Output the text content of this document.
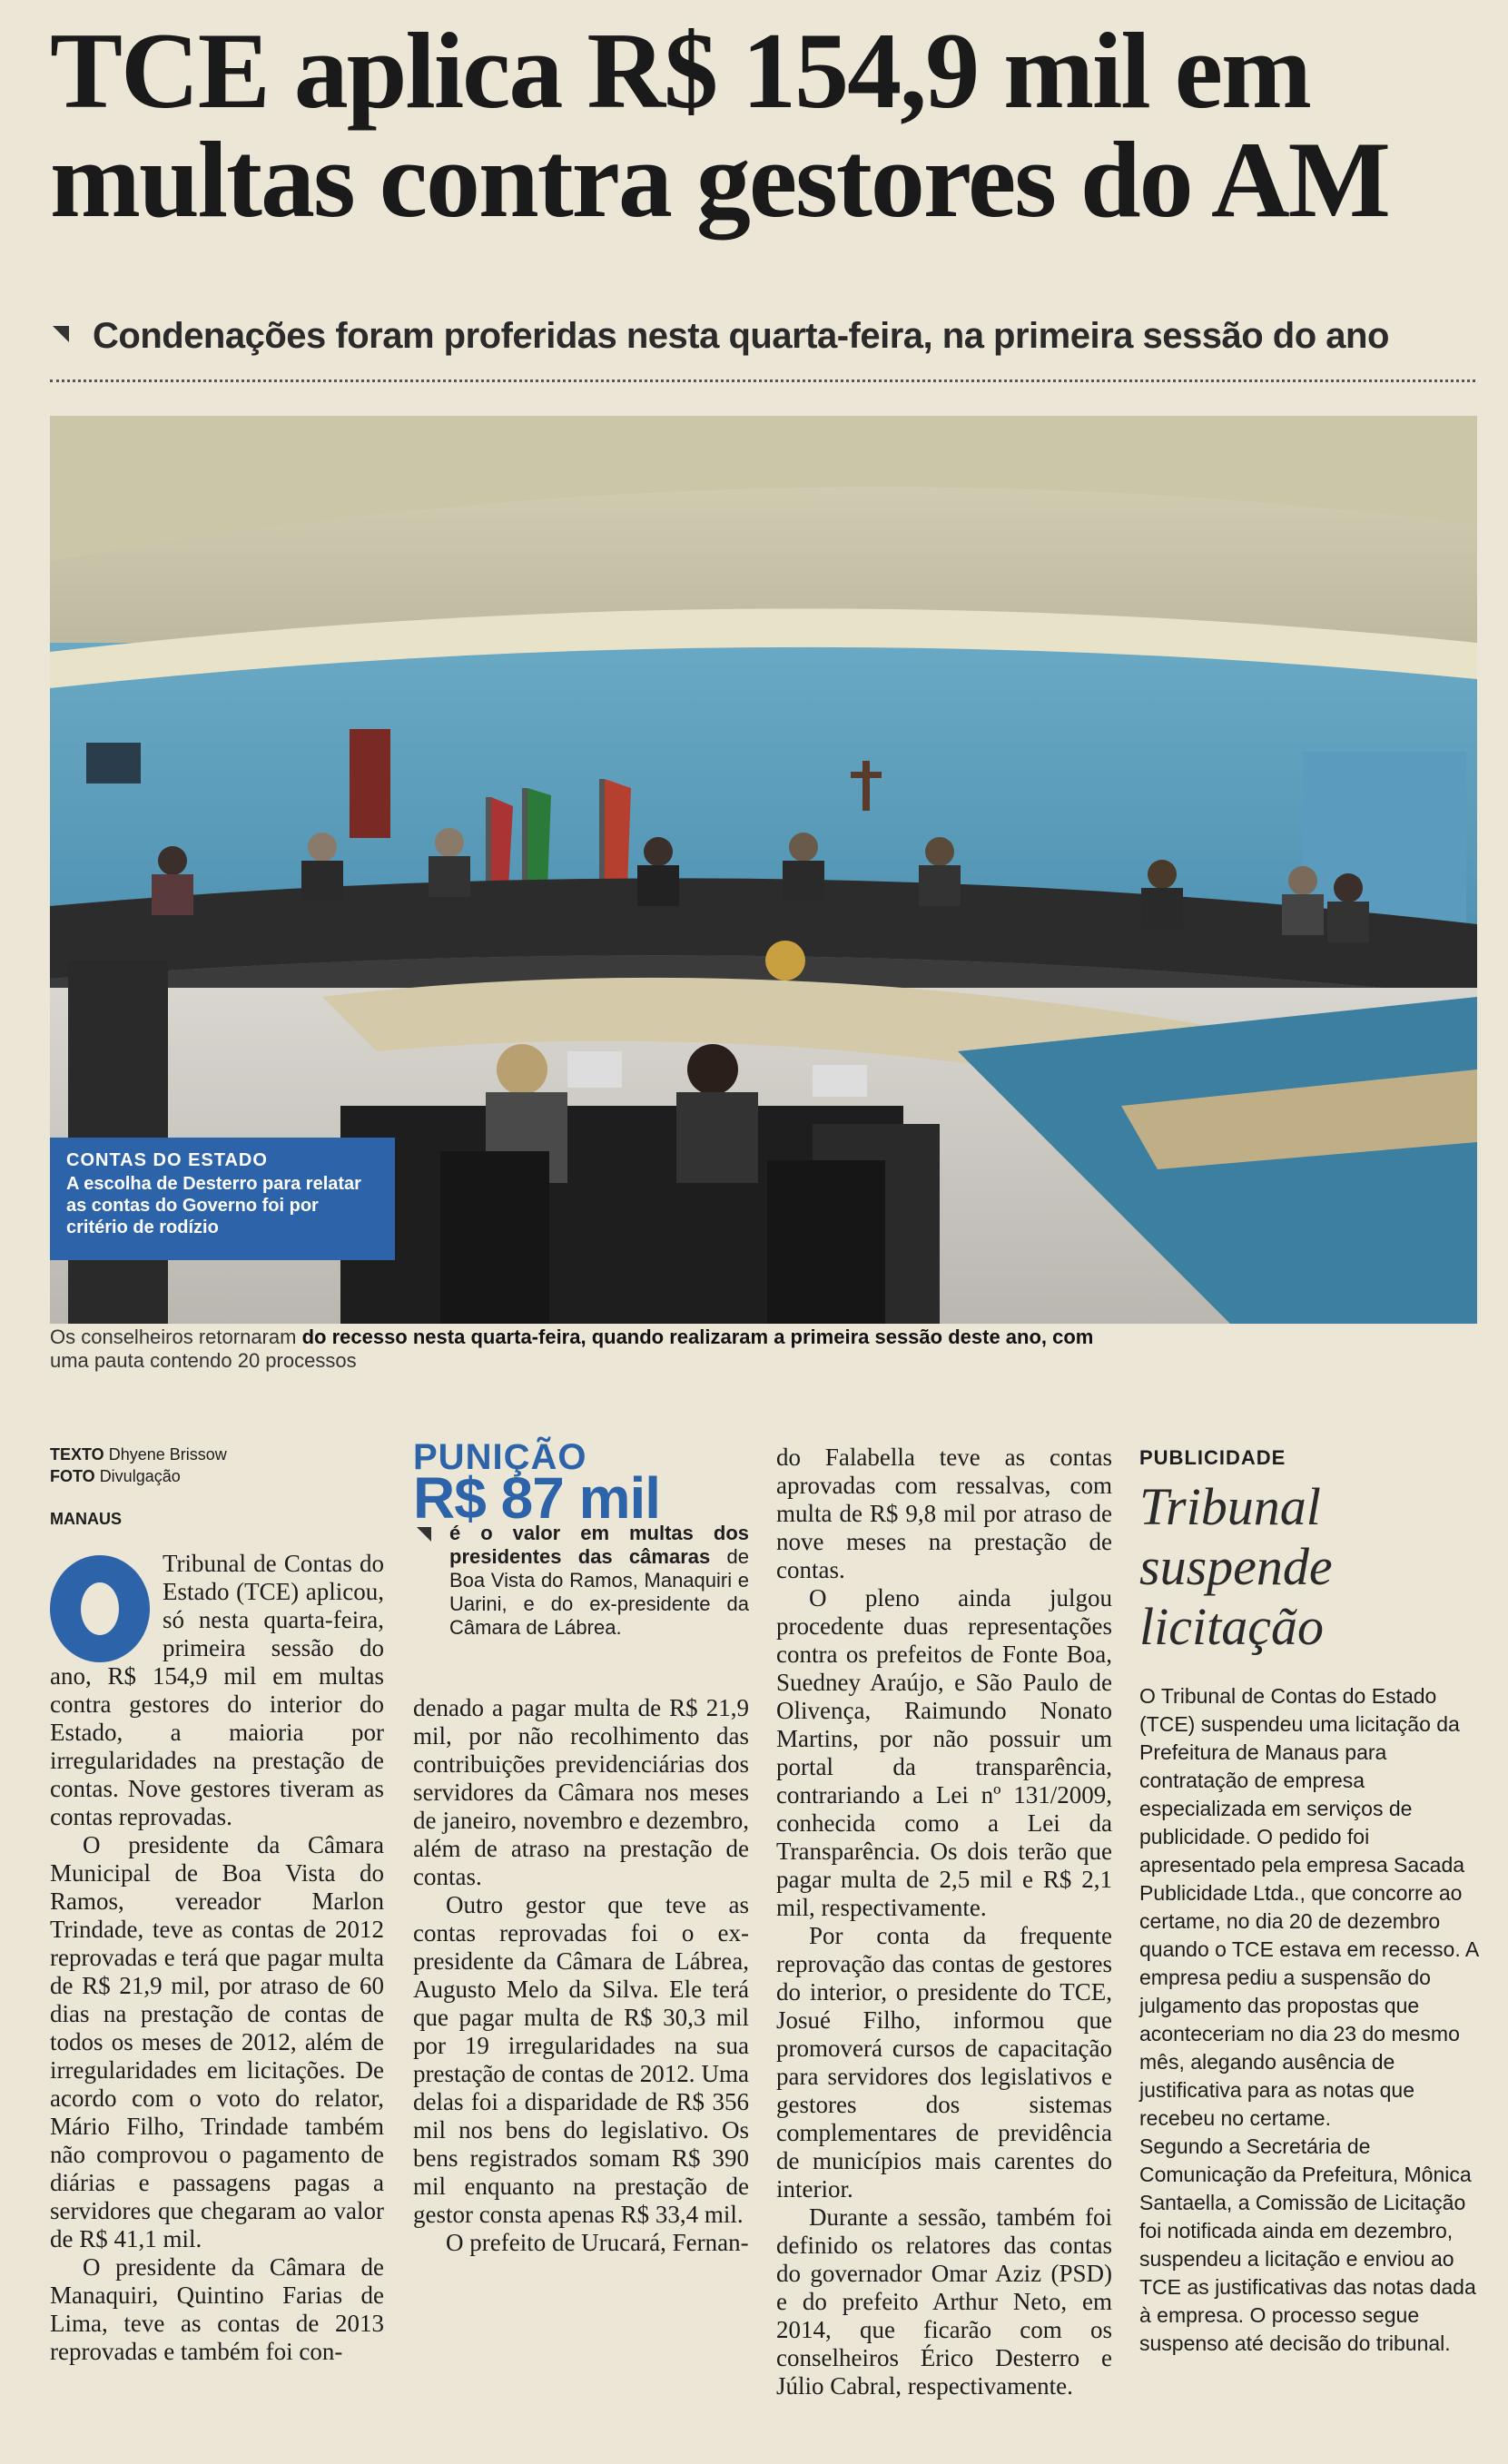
TCE aplica R$ 154,9 mil em multas contra gestores do AM
Condenações foram proferidas nesta quarta-feira, na primeira sessão do ano
CONTAS DO ESTADO
A escolha de Desterro para relatar as contas do Governo foi por critério de rodízio
Os conselheiros retornaram do recesso nesta quarta-feira, quando realizaram a primeira sessão deste ano, com
uma pauta contendo 20 processos
TEXTO Dhyene Brissow
FOTO Divulgação
MANAUS

Tribunal de Contas do Estado (TCE) aplicou, só nesta quarta-feira, primeira sessão do ano, R$ 154,9 mil em multas contra gestores do interior do Estado, a maioria por irregularidades na prestação de contas. Nove gestores tiveram as contas reprovadas.

O presidente da Câmara Municipal de Boa Vista do Ramos, vereador Marlon Trindade, teve as contas de 2012 reprovadas e terá que pagar multa de R$ 21,9 mil, por atraso de 60 dias na prestação de contas de todos os meses de 2012, além de irregularidades em licitações. De acordo com o voto do relator, Mário Filho, Trindade também não comprovou o pagamento de diárias e passagens pagas a servidores que chegaram ao valor de R$ 41,1 mil.

O presidente da Câmara de Manaquiri, Quintino Farias de Lima, teve as contas de 2013 reprovadas e também foi con-

PUNIÇÃO
R$ 87 mil
é o valor em multas dos presidentes das câmaras de Boa Vista do Ramos, Manaquiri e Uarini, e do ex-presidente da Câmara de Lábrea.

denado a pagar multa de R$ 21,9 mil, por não recolhimento das contribuições previdenciárias dos servidores da Câmara nos meses de janeiro, novembro e dezembro, além de atraso na prestação de contas.

Outro gestor que teve as contas reprovadas foi o ex-presidente da Câmara de Lábrea, Augusto Melo da Silva. Ele terá que pagar multa de R$ 30,3 mil por 19 irregularidades na sua prestação de contas de 2012. Uma delas foi a disparidade de R$ 356 mil nos bens do legislativo. Os bens registrados somam R$ 390 mil enquanto na prestação de gestor consta apenas R$ 33,4 mil.

O prefeito de Urucará, Fernan-

do Falabella teve as contas aprovadas com ressalvas, com multa de R$ 9,8 mil por atraso de nove meses na prestação de contas.

O pleno ainda julgou procedente duas representações contra os prefeitos de Fonte Boa, Suedney Araújo, e São Paulo de Olivença, Raimundo Nonato Martins, por não possuir um portal da transparência, contrariando a Lei nº 131/2009, conhecida como a Lei da Transparência. Os dois terão que pagar multa de 2,5 mil e R$ 2,1 mil, respectivamente.

Por conta da frequente reprovação das contas de gestores do interior, o presidente do TCE, Josué Filho, informou que promoverá cursos de capacitação para servidores dos legislativos e gestores dos sistemas complementares de previdência de municípios mais carentes do interior.

Durante a sessão, também foi definido os relatores das contas do governador Omar Aziz (PSD) e do prefeito Arthur Neto, em 2014, que ficarão com os conselheiros Érico Desterro e Júlio Cabral, respectivamente.

PUBLICIDADE
Tribunal suspende licitação

O Tribunal de Contas do Estado (TCE) suspendeu uma licitação da Prefeitura de Manaus para contratação de empresa especializada em serviços de publicidade. O pedido foi apresentado pela empresa Sacada Publicidade Ltda., que concorre ao certame, no dia 20 de dezembro quando o TCE estava em recesso. A empresa pediu a suspensão do julgamento das propostas que aconteceriam no dia 23 do mesmo mês, alegando ausência de justificativa para as notas que recebeu no certame.

Segundo a Secretária de Comunicação da Prefeitura, Mônica Santaella, a Comissão de Licitação foi notificada ainda em dezembro, suspendeu a licitação e enviou ao TCE as justificativas das notas dada à empresa. O processo segue suspenso até decisão do tribunal.
